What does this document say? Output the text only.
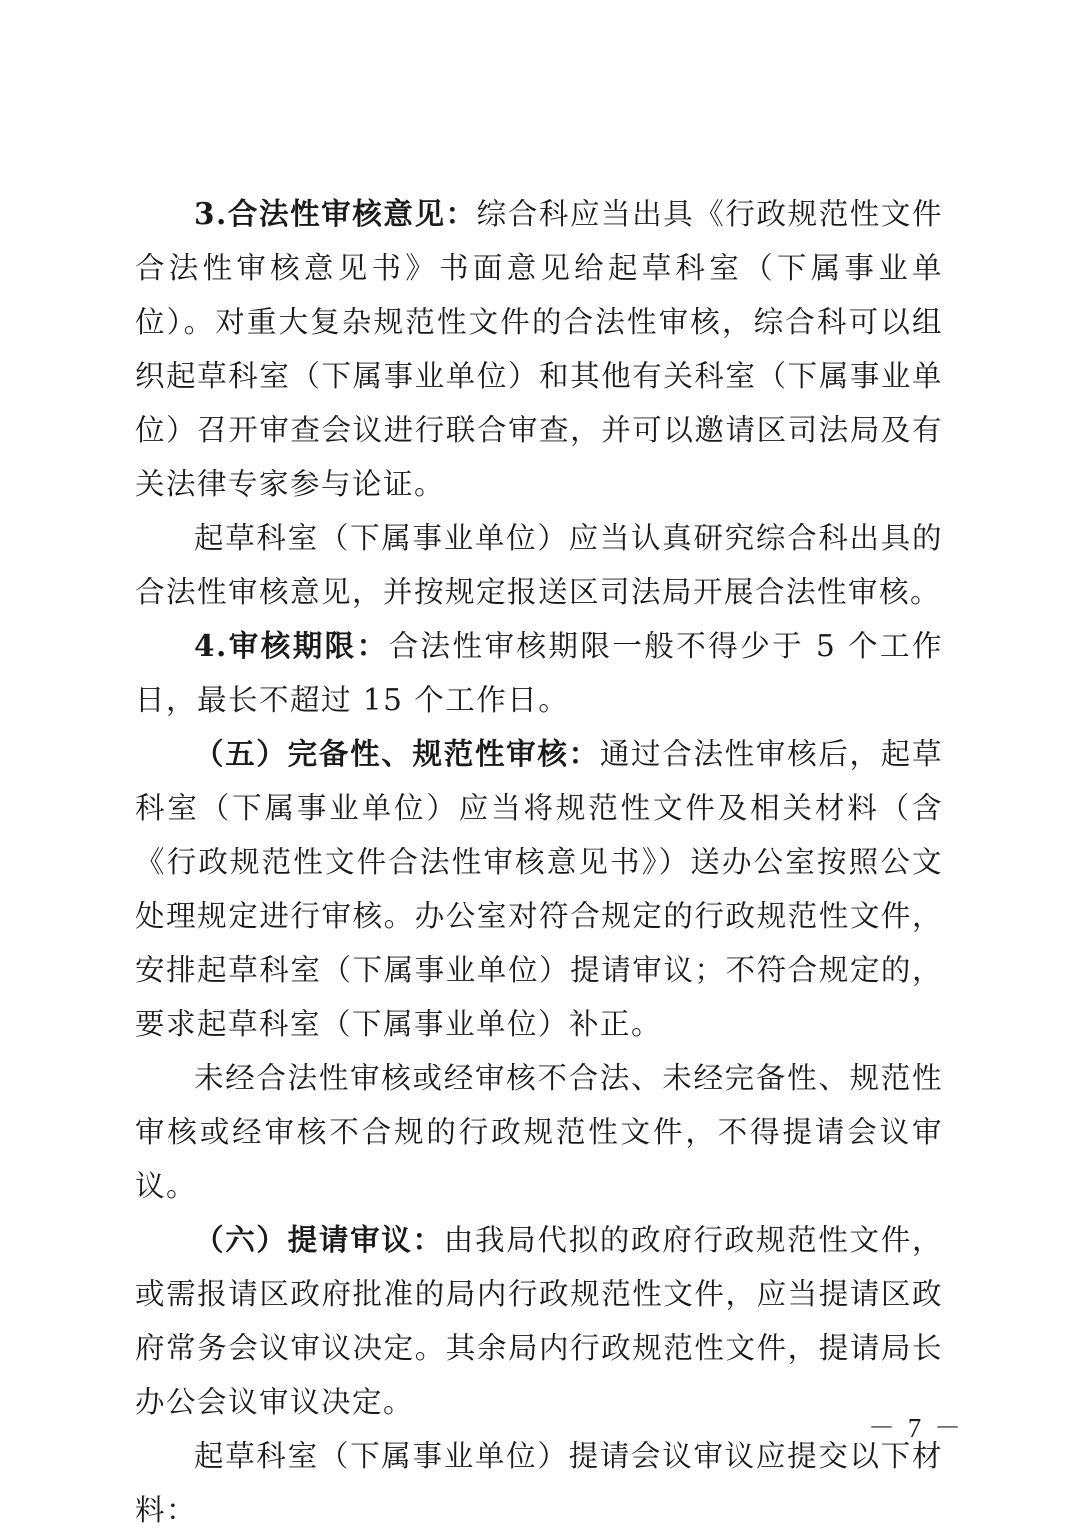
3.合法性审核意见：综合科应当出具《行政规范性文件合法性审核意见书》书面意见给起草科室（下属事业单位）。对重大复杂规范性文件的合法性审核，综合科可以组织起草科室（下属事业单位）和其他有关科室（下属事业单位）召开审查会议进行联合审查，并可以邀请区司法局及有关法律专家参与论证。

起草科室（下属事业单位）应当认真研究综合科出具的合法性审核意见，并按规定报送区司法局开展合法性审核。

4.审核期限：合法性审核期限一般不得少于 5 个工作日，最长不超过 15 个工作日。

（五）完备性、规范性审核：通过合法性审核后，起草科室（下属事业单位）应当将规范性文件及相关材料（含《行政规范性文件合法性审核意见书》）送办公室按照公文处理规定进行审核。办公室对符合规定的行政规范性文件，安排起草科室（下属事业单位）提请审议；不符合规定的，要求起草科室（下属事业单位）补正。

未经合法性审核或经审核不合法、未经完备性、规范性审核或经审核不合规的行政规范性文件，不得提请会议审议。

（六）提请审议：由我局代拟的政府行政规范性文件，或需报请区政府批准的局内行政规范性文件，应当提请区政府常务会议审议决定。其余局内行政规范性文件，提请局长办公会议审议决定。

起草科室（下属事业单位）提请会议审议应提交以下材料：

－ 7 －
